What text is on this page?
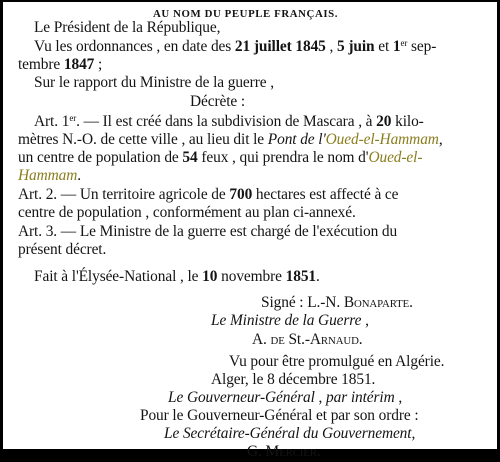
AU NOM DU PEUPLE FRANÇAIS.
Le Président de la République,
Vu les ordonnances , en date des 21 juillet 1845 , 5 juin et 1er sep-
tembre 1847 ;
Sur le rapport du Ministre de la guerre ,
Décrète :
Art. 1er. — Il est créé dans la subdivision de Mascara , à 20 kilo-
mètres N.-O. de cette ville , au lieu dit le Pont de l'Oued-el-Hammam,
un centre de population de 54 feux , qui prendra le nom d'Oued-el-
Hammam.
Art. 2. — Un territoire agricole de 700 hectares est affecté à ce
centre de population , conformément au plan ci-annexé.
Art. 3. — Le Ministre de la guerre est chargé de l'exécution du
présent décret.
Fait à l'Élysée-National , le 10 novembre 1851.
Signé : L.-N. BONAPARTE.
Le Ministre de la Guerre ,
A. DE St.-ARNAUD.
Vu pour être promulgué en Algérie.
Alger, le 8 décembre 1851.
Le Gouverneur-Général , par intérim ,
Pour le Gouverneur-Général et par son ordre :
Le Secrétaire-Général du Gouvernement,
G. MERCIER.
